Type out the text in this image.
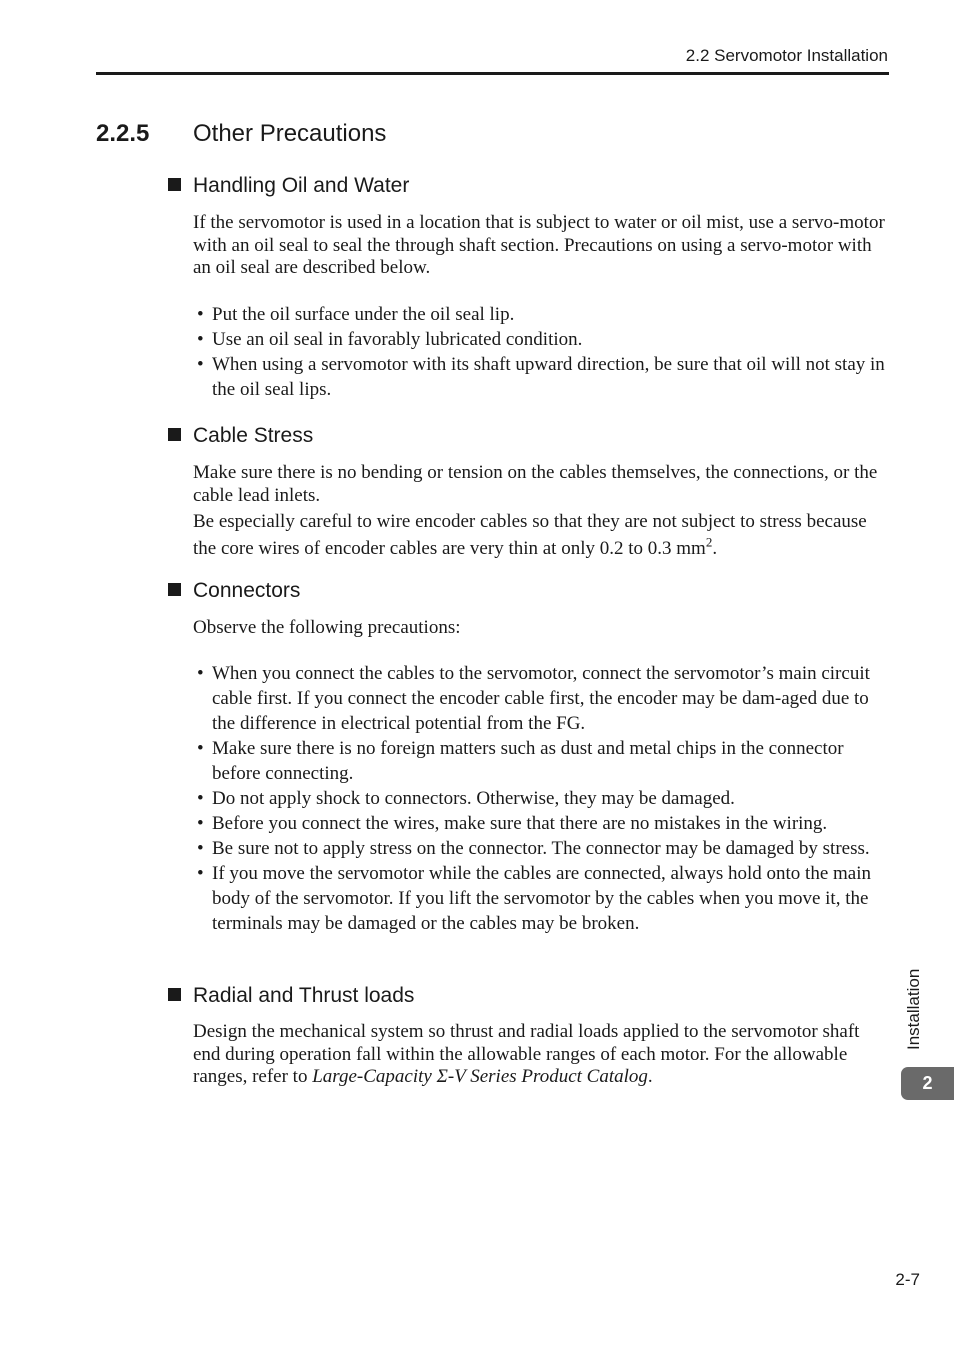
2.2 Servomotor Installation
2.2.5 Other Precautions
Handling Oil and Water

If the servomotor is used in a location that is subject to water or oil mist, use a servo-motor with an oil seal to seal the through shaft section. Precautions on using a servo-motor with an oil seal are described below.

• Put the oil surface under the oil seal lip.
• Use an oil seal in favorably lubricated condition.
• When using a servomotor with its shaft upward direction, be sure that oil will not stay in the oil seal lips.
Cable Stress

Make sure there is no bending or tension on the cables themselves, the connections, or the cable lead inlets.

Be especially careful to wire encoder cables so that they are not subject to stress because the core wires of encoder cables are very thin at only 0.2 to 0.3 $mm^2$.

Connectors

Observe the following precautions:

• When you connect the cables to the servomotor, connect the servomotor’s main circuit cable first. If you connect the encoder cable first, the encoder may be dam-aged due to the difference in electrical potential from the FG.
• Make sure there is no foreign matters such as dust and metal chips in the connector before connecting.
• Do not apply shock to connectors. Otherwise, they may be damaged.
• Before you connect the wires, make sure that there are no mistakes in the wiring.
• Be sure not to apply stress on the connector. The connector may be damaged by stress.
• If you move the servomotor while the cables are connected, always hold onto the main body of the servomotor. If you lift the servomotor by the cables when you move it, the terminals may be damaged or the cables may be broken.
Radial and Thrust loads

Design the mechanical system so thrust and radial loads applied to the servomotor shaft end during operation fall within the allowable ranges of each motor. For the allowable ranges, refer to Large-Capacity Σ-V Series Product Catalog.

Installation
2
2-7
